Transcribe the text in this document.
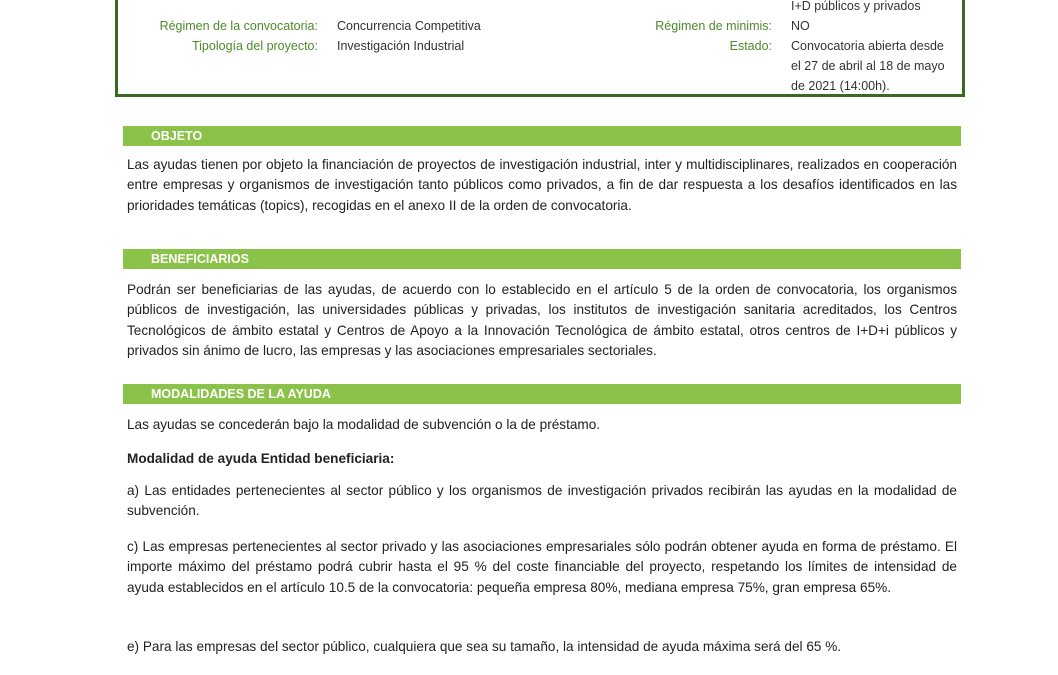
Régimen de la convocatoria: Concurrencia Competitiva
Tipología del proyecto: Investigación Industrial
I+D públicos y privados
Régimen de minimis: NO
Estado: Convocatoria abierta desde
el 27 de abril al 18 de mayo
de 2021 (14:00h).
OBJETO
Las ayudas tienen por objeto la financiación de proyectos de investigación industrial, inter y multidisciplinares, realizados en cooperación entre empresas y organismos de investigación tanto públicos como privados, a fin de dar respuesta a los desafíos identificados en las prioridades temáticas (topics), recogidas en el anexo II de la orden de convocatoria.
BENEFICIARIOS
Podrán ser beneficiarias de las ayudas, de acuerdo con lo establecido en el artículo 5 de la orden de convocatoria, los organismos públicos de investigación, las universidades públicas y privadas, los institutos de investigación sanitaria acreditados, los Centros Tecnológicos de ámbito estatal y Centros de Apoyo a la Innovación Tecnológica de ámbito estatal, otros centros de I+D+i públicos y privados sin ánimo de lucro, las empresas y las asociaciones empresariales sectoriales.
MODALIDADES DE LA AYUDA
Las ayudas se concederán bajo la modalidad de subvención o la de préstamo.
Modalidad de ayuda Entidad beneficiaria:
a) Las entidades pertenecientes al sector público y los organismos de investigación privados recibirán las ayudas en la modalidad de subvención.
c) Las empresas pertenecientes al sector privado y las asociaciones empresariales sólo podrán obtener ayuda en forma de préstamo. El importe máximo del préstamo podrá cubrir hasta el 95 % del coste financiable del proyecto, respetando los límites de intensidad de ayuda establecidos en el artículo 10.5 de la convocatoria: pequeña empresa 80%, mediana empresa 75%, gran empresa 65%.
e) Para las empresas del sector público, cualquiera que sea su tamaño, la intensidad de ayuda máxima será del 65 %.
